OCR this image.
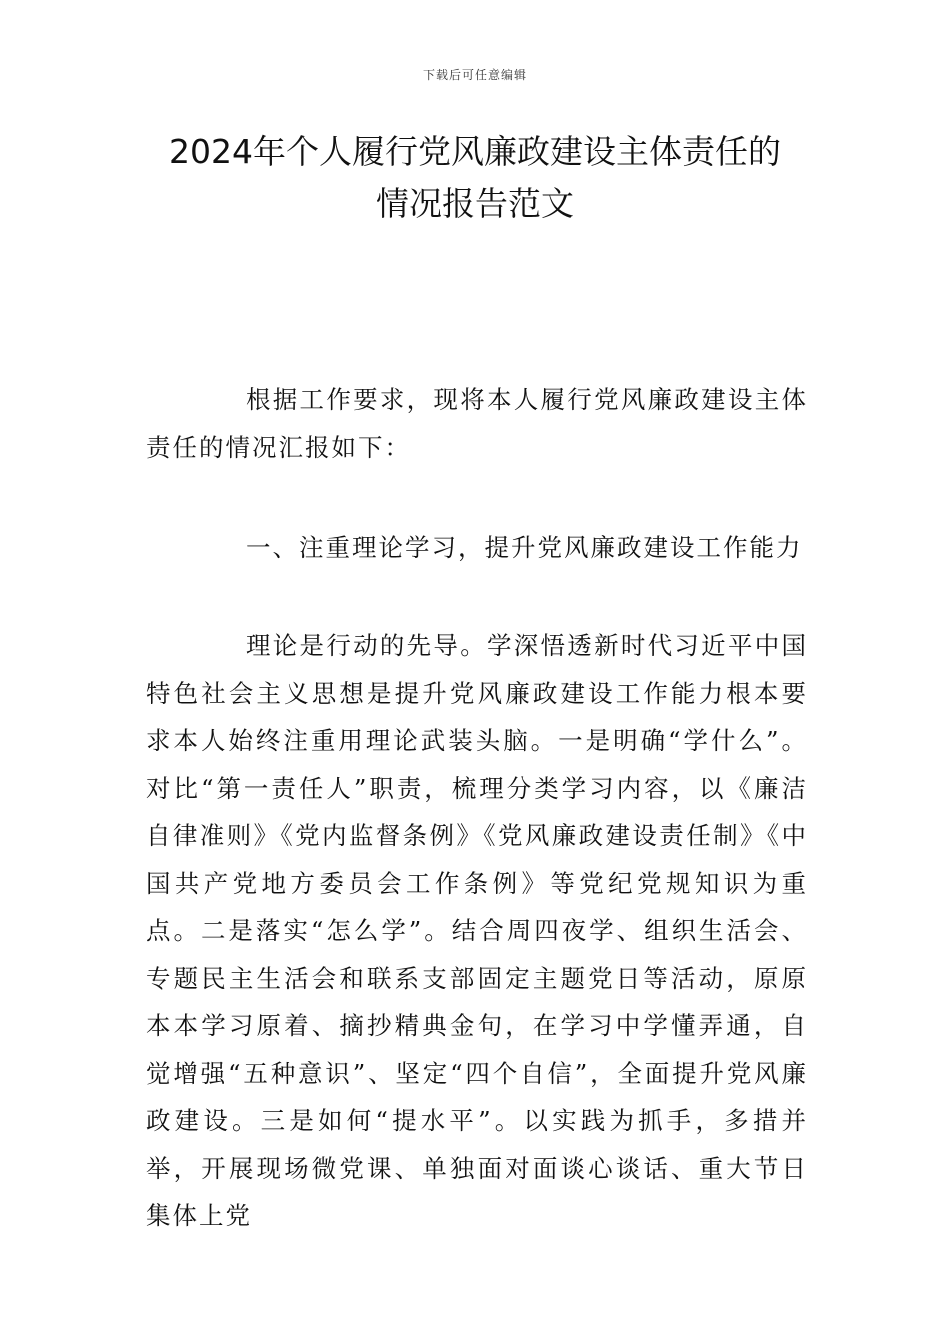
下载后可任意编辑
2024年个人履行党风廉政建设主体责任的
情况报告范文

根据工作要求，现将本人履行党风廉政建设主体责任的情况汇报如下：

一、注重理论学习，提升党风廉政建设工作能力

理论是行动的先导。学深悟透新时代习近平中国特色社会主义思想是提升党风廉政建设工作能力根本要求本人始终注重用理论武装头脑。一是明确“学什么”。对比“第一责任人”职责，梳理分类学习内容，以《廉洁自律准则》《党内监督条例》《党风廉政建设责任制》《中国共产党地方委员会工作条例》等党纪党规知识为重点。二是落实“怎么学”。结合周四夜学、组织生活会、专题民主生活会和联系支部固定主题党日等活动，原原本本学习原着、摘抄精典金句，在学习中学懂弄通，自觉增强“五种意识”、坚定“四个自信”，全面提升党风廉政建设。三是如何“提水平”。以实践为抓手，多措并举，开展现场微党课、单独面对面谈心谈话、重大节日集体上党
